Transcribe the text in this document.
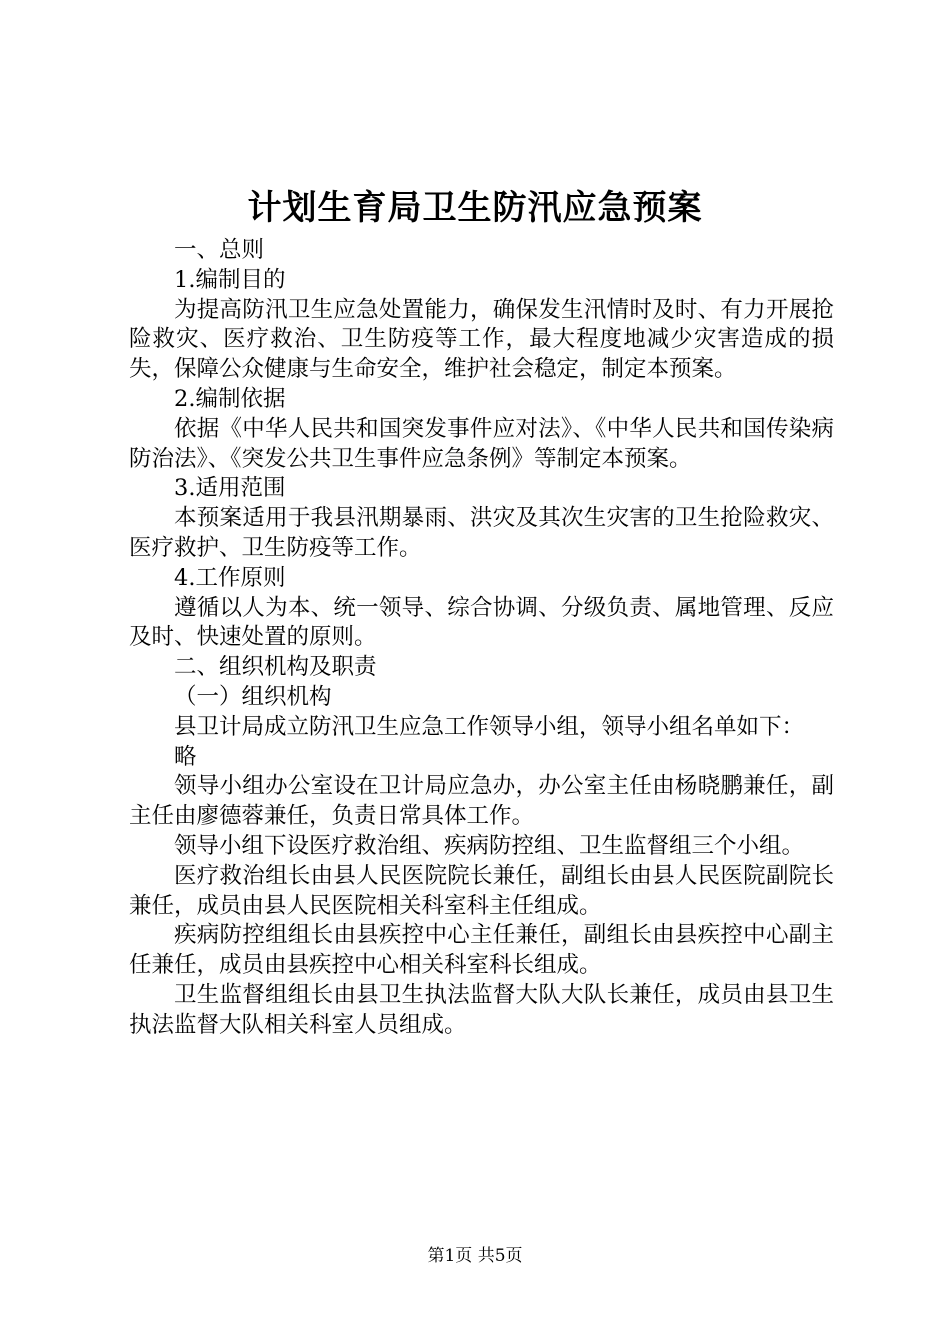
计划生育局卫生防汛应急预案

一、总则

1.编制目的

为提高防汛卫生应急处置能力，确保发生汛情时及时、有力开展抢险救灾、医疗救治、卫生防疫等工作，最大程度地减少灾害造成的损失，保障公众健康与生命安全，维护社会稳定，制定本预案。

2.编制依据

依据《中华人民共和国突发事件应对法》、《中华人民共和国传染病防治法》、《突发公共卫生事件应急条例》等制定本预案。

3.适用范围

本预案适用于我县汛期暴雨、洪灾及其次生灾害的卫生抢险救灾、医疗救护、卫生防疫等工作。

4.工作原则

遵循以人为本、统一领导、综合协调、分级负责、属地管理、反应及时、快速处置的原则。

二、组织机构及职责

（一）组织机构

县卫计局成立防汛卫生应急工作领导小组，领导小组名单如下：

略

领导小组办公室设在卫计局应急办，办公室主任由杨晓鹏兼任，副主任由廖德蓉兼任，负责日常具体工作。

领导小组下设医疗救治组、疾病防控组、卫生监督组三个小组。

医疗救治组长由县人民医院院长兼任，副组长由县人民医院副院长兼任，成员由县人民医院相关科室科主任组成。

疾病防控组组长由县疾控中心主任兼任，副组长由县疾控中心副主任兼任，成员由县疾控中心相关科室科长组成。

卫生监督组组长由县卫生执法监督大队大队长兼任，成员由县卫生执法监督大队相关科室人员组成。

第1页 共5页
